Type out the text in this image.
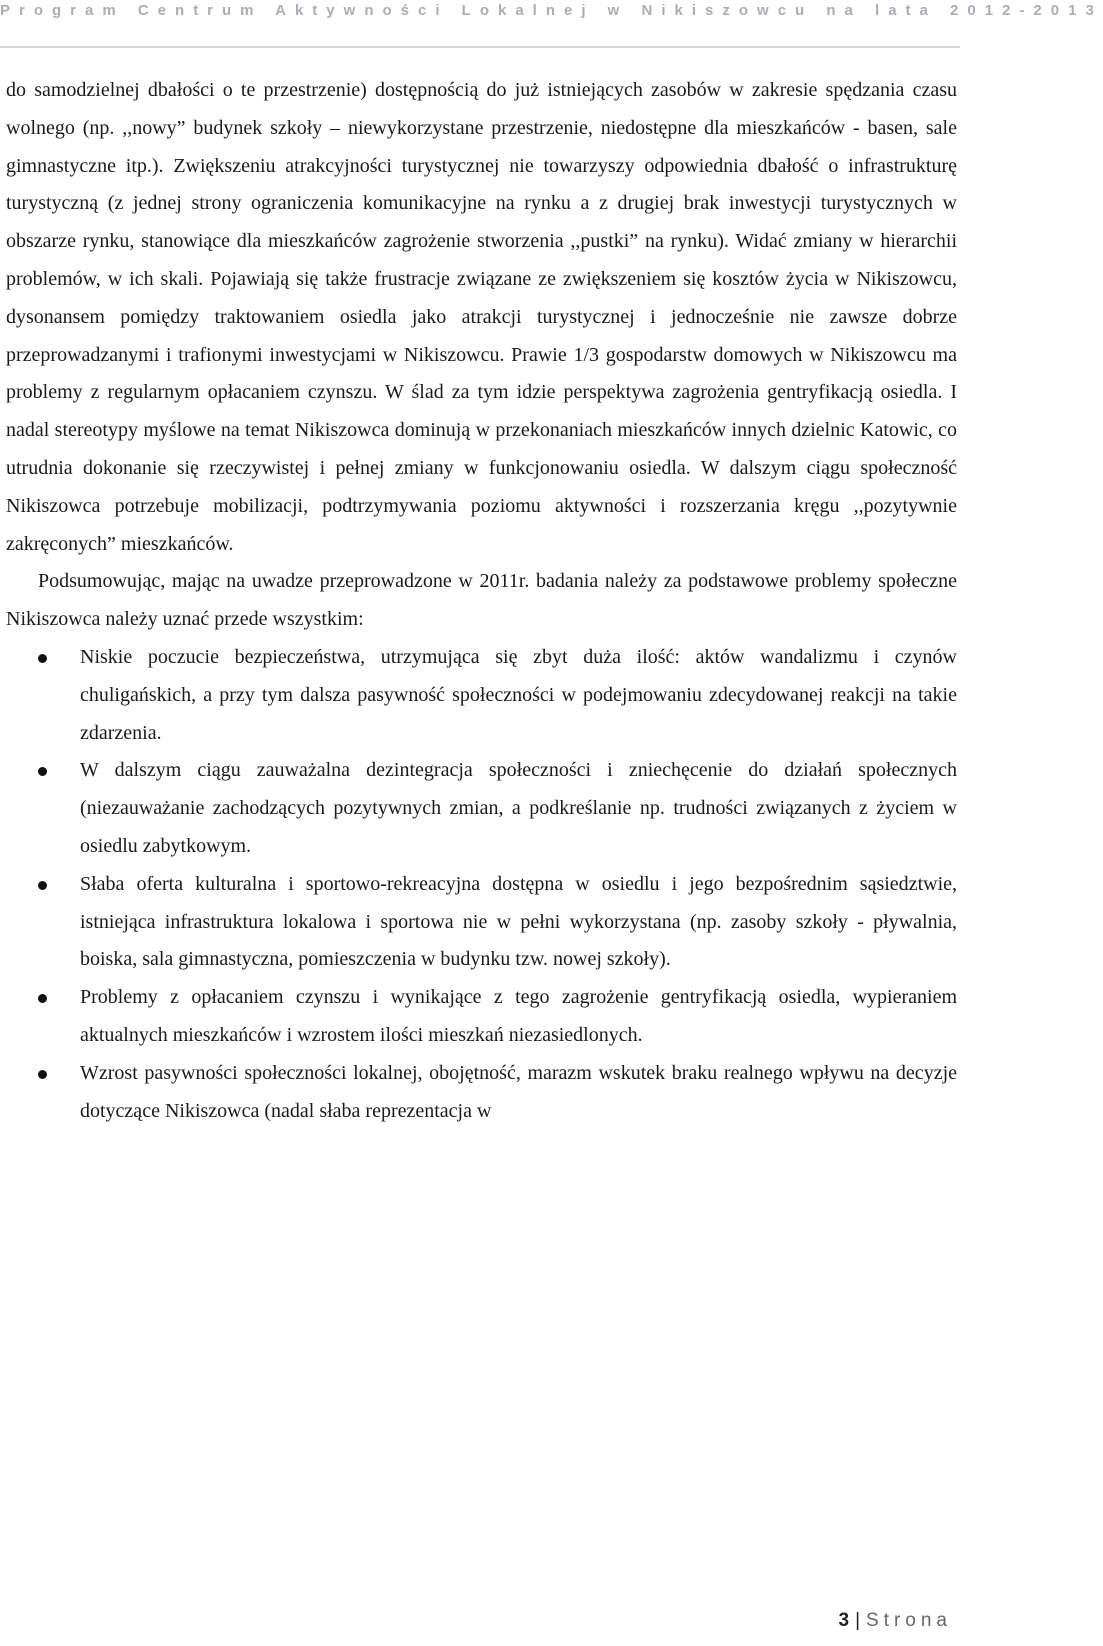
Program Centrum Aktywności Lokalnej w Nikiszowcu na lata 2012-2013

do samodzielnej dbałości o te przestrzenie) dostępnością do już istniejących zasobów w zakresie spędzania czasu wolnego (np. ,,nowy” budynek szkoły – niewykorzystane przestrzenie, niedostępne dla mieszkańców - basen, sale gimnastyczne itp.). Zwiększeniu atrakcyjności turystycznej nie towarzyszy odpowiednia dbałość o infrastrukturę turystyczną (z jednej strony ograniczenia komunikacyjne na rynku a z drugiej brak inwestycji turystycznych w obszarze rynku, stanowiące dla mieszkańców zagrożenie stworzenia ,,pustki” na rynku). Widać zmiany w hierarchii problemów, w ich skali. Pojawiają się także frustracje związane ze zwiększeniem się kosztów życia w Nikiszowcu, dysonansem pomiędzy traktowaniem osiedla jako atrakcji turystycznej i jednocześnie nie zawsze dobrze przeprowadzanymi i trafionymi inwestycjami w Nikiszowcu. Prawie 1/3 gospodarstw domowych w Nikiszowcu ma problemy z regularnym opłacaniem czynszu. W ślad za tym idzie perspektywa zagrożenia gentryfikacją osiedla. I nadal stereotypy myślowe na temat Nikiszowca dominują w przekonaniach mieszkańców innych dzielnic Katowic, co utrudnia dokonanie się rzeczywistej i pełnej zmiany w funkcjonowaniu osiedla. W dalszym ciągu społeczność Nikiszowca potrzebuje mobilizacji, podtrzymywania poziomu aktywności i rozszerzania kręgu ,,pozytywnie zakręconych” mieszkańców.

Podsumowując, mając na uwadze przeprowadzone w 2011r. badania należy za podstawowe problemy społeczne Nikiszowca należy uznać przede wszystkim:

Niskie poczucie bezpieczeństwa, utrzymująca się zbyt duża ilość: aktów wandalizmu i czynów chuligańskich, a przy tym dalsza pasywność społeczności w podejmowaniu zdecydowanej reakcji na takie zdarzenia.
W dalszym ciągu zauważalna dezintegracja społeczności i zniechęcenie do działań społecznych (niezauważanie zachodzących pozytywnych zmian, a podkreślanie np. trudności związanych z życiem w osiedlu zabytkowym.
Słaba oferta kulturalna i sportowo-rekreacyjna dostępna w osiedlu i jego bezpośrednim sąsiedztwie, istniejąca infrastruktura lokalowa i sportowa nie w pełni wykorzystana (np. zasoby szkoły - pływalnia, boiska, sala gimnastyczna, pomieszczenia w budynku tzw. nowej szkoły).
Problemy z opłacaniem czynszu i wynikające z tego zagrożenie gentryfikacją osiedla, wypieraniem aktualnych mieszkańców i wzrostem ilości mieszkań niezasiedlonych.
Wzrost pasywności społeczności lokalnej, obojętność, marazm wskutek braku realnego wpływu na decyzje dotyczące Nikiszowca (nadal słaba reprezentacja w
3 | Strona
